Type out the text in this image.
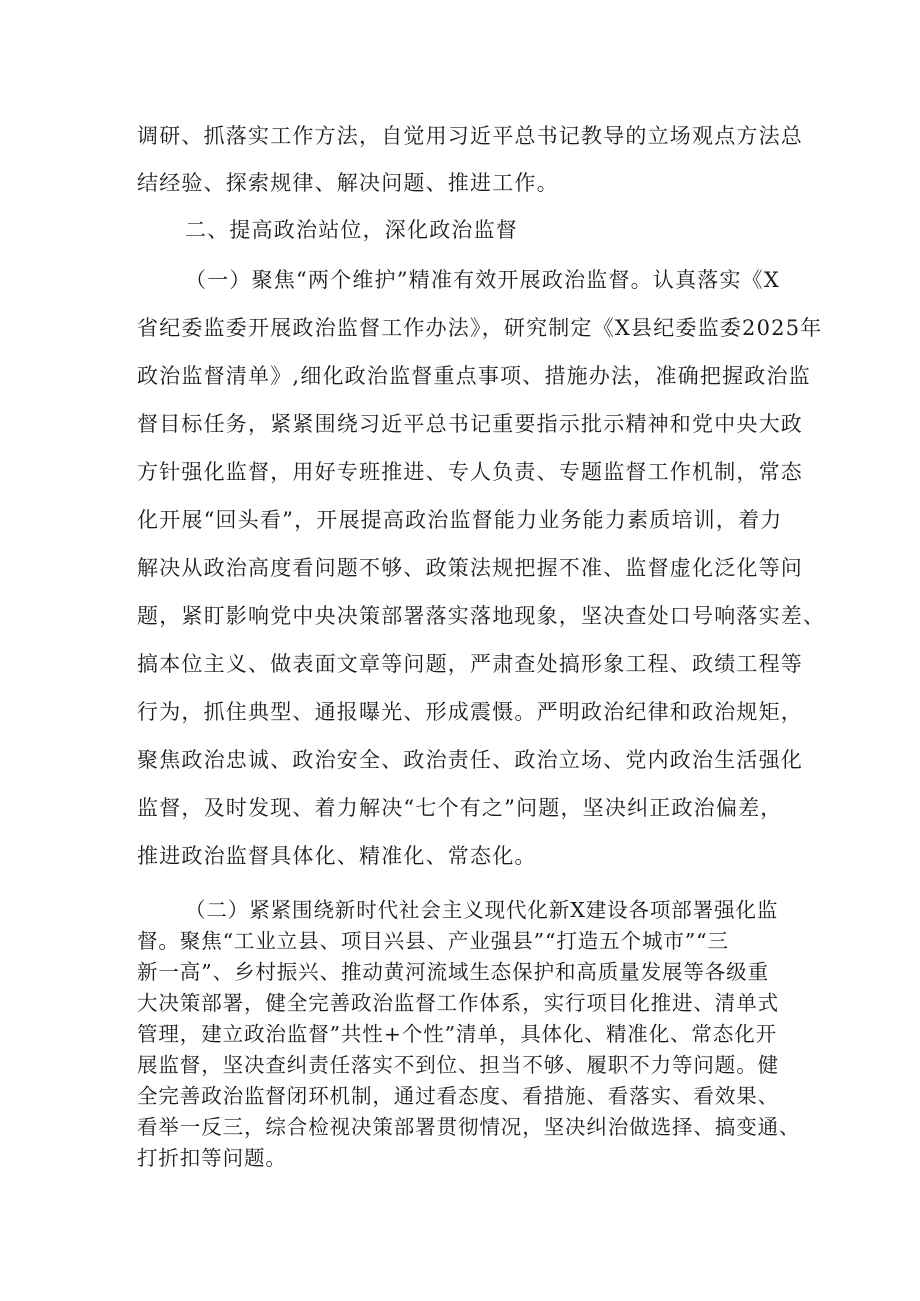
调研、抓落实工作方法，自觉用习近平总书记教导的立场观点方法总
结经验、探索规律、解决问题、推进工作。
二、提高政治站位，深化政治监督
（一）聚焦“两个维护”精准有效开展政治监督。认真落实《X
省纪委监委开展政治监督工作办法》，研究制定《X县纪委监委2025年
政治监督清单》,细化政治监督重点事项、措施办法，准确把握政治监
督目标任务，紧紧围绕习近平总书记重要指示批示精神和党中央大政
方针强化监督，用好专班推进、专人负责、专题监督工作机制，常态
化开展“回头看”，开展提高政治监督能力业务能力素质培训，着力
解决从政治高度看问题不够、政策法规把握不准、监督虚化泛化等问
题，紧盯影响党中央决策部署落实落地现象，坚决查处口号响落实差、
搞本位主义、做表面文章等问题，严肃查处搞形象工程、政绩工程等
行为，抓住典型、通报曝光、形成震慑。严明政治纪律和政治规矩，
聚焦政治忠诚、政治安全、政治责任、政治立场、党内政治生活强化
监督，及时发现、着力解决“七个有之”问题，坚决纠正政治偏差，
推进政治监督具体化、精准化、常态化。
（二）紧紧围绕新时代社会主义现代化新X建设各项部署强化监
督。聚焦“工业立县、项目兴县、产业强县”“打造五个城市”“三
新一高”、乡村振兴、推动黄河流域生态保护和高质量发展等各级重
大决策部署，健全完善政治监督工作体系，实行项目化推进、清单式
管理，建立政治监督”共性+个性”清单，具体化、精准化、常态化开
展监督，坚决查纠责任落实不到位、担当不够、履职不力等问题。健
全完善政治监督闭环机制，通过看态度、看措施、看落实、看效果、
看举一反三，综合检视决策部署贯彻情况，坚决纠治做选择、搞变通、
打折扣等问题。
